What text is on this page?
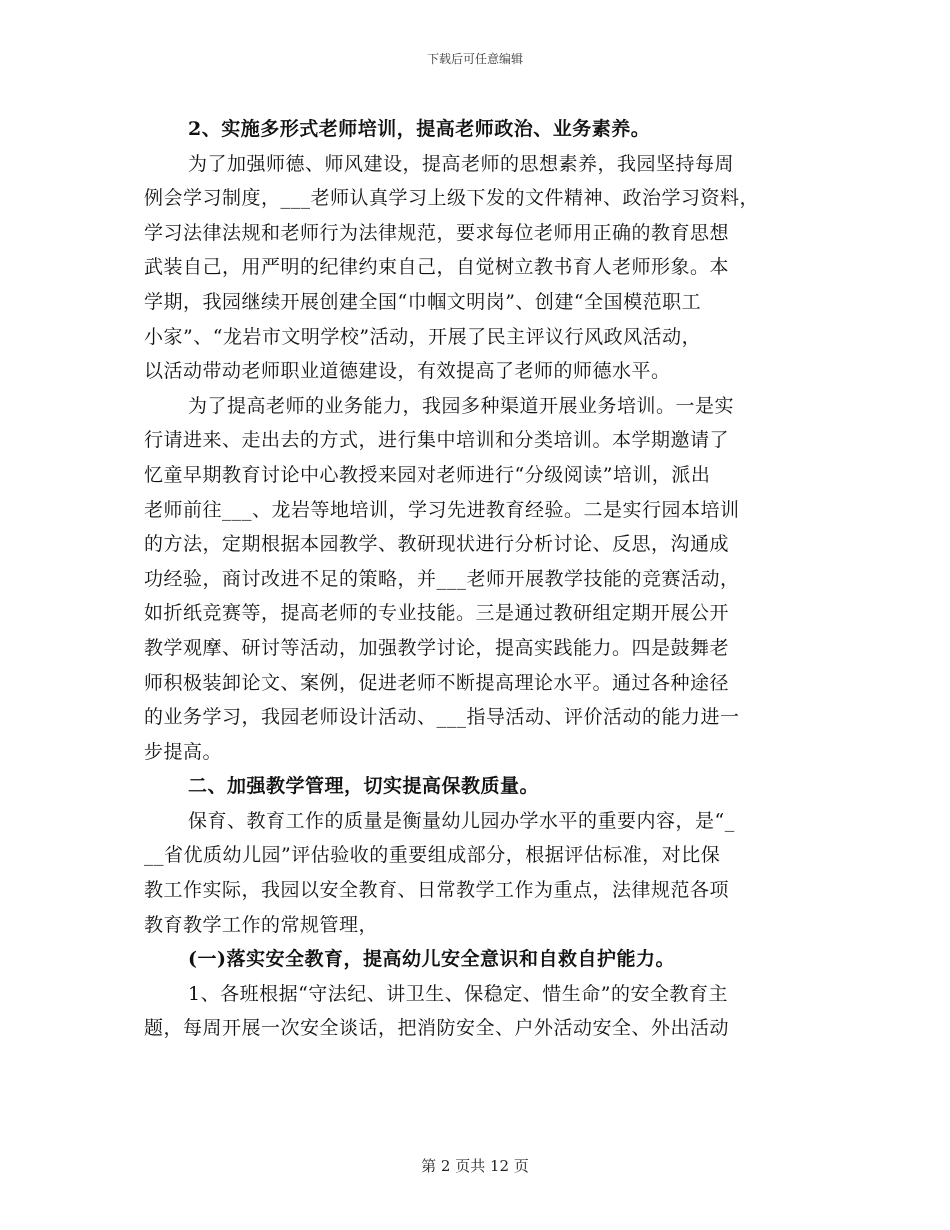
下载后可任意编辑
2、实施多形式老师培训，提高老师政治、业务素养。
为了加强师德、师风建设，提高老师的思想素养，我园坚持每周
例会学习制度，___老师认真学习上级下发的文件精神、政治学习资料，
学习法律法规和老师行为法律规范，要求每位老师用正确的教育思想
武装自己，用严明的纪律约束自己，自觉树立教书育人老师形象。本
学期，我园继续开展创建全国“巾帼文明岗”、创建“全国模范职工
小家”、“龙岩市文明学校”活动，开展了民主评议行风政风活动，
以活动带动老师职业道德建设，有效提高了老师的师德水平。
为了提高老师的业务能力，我园多种渠道开展业务培训。一是实
行请进来、走出去的方式，进行集中培训和分类培训。本学期邀请了
忆童早期教育讨论中心教授来园对老师进行“分级阅读”培训，派出
老师前往___、龙岩等地培训，学习先进教育经验。二是实行园本培训
的方法，定期根据本园教学、教研现状进行分析讨论、反思，沟通成
功经验，商讨改进不足的策略，并___老师开展教学技能的竞赛活动，
如折纸竞赛等，提高老师的专业技能。三是通过教研组定期开展公开
教学观摩、研讨等活动，加强教学讨论，提高实践能力。四是鼓舞老
师积极装卸论文、案例，促进老师不断提高理论水平。通过各种途径
的业务学习，我园老师设计活动、___指导活动、评价活动的能力进一
步提高。
二、加强教学管理，切实提高保教质量。
保育、教育工作的质量是衡量幼儿园办学水平的重要内容，是“_
__省优质幼儿园”评估验收的重要组成部分，根据评估标准，对比保
教工作实际，我园以安全教育、日常教学工作为重点，法律规范各项
教育教学工作的常规管理，
(一)落实安全教育，提高幼儿安全意识和自救自护能力。
1、各班根据“守法纪、讲卫生、保稳定、惜生命”的安全教育主
题，每周开展一次安全谈话，把消防安全、户外活动安全、外出活动
第 2 页共 12 页
